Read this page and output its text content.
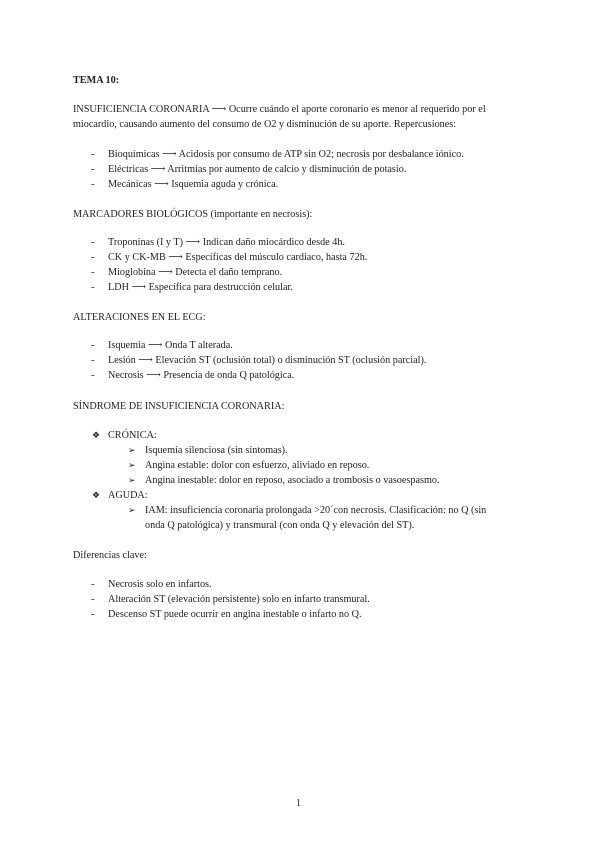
TEMA 10:
INSUFICIENCIA CORONARIA ⟶ Ocurre cuándo el aporte coronario es menor al requerido por el
miocardio, causando aumento del consumo de O2 y disminución de su aporte. Repercusiones:
- Bioquímicas ⟶ Acidosis por consumo de ATP sin O2; necrosis por desbalance iónico.
- Eléctricas ⟶ Arritmias por aumento de calcio y disminución de potasio.
- Mecánicas ⟶ Isquemia aguda y crónica.
MARCADORES BIOLÓGICOS (importante en necrosis):
- Troponinas (I y T) ⟶ Indican daño miocárdico desde 4h.
- CK y CK-MB ⟶ Específicas del músculo cardiaco, hasta 72h.
- Mioglobina ⟶ Detecta el daño temprano.
- LDH ⟶ Específica para destrucción celular.
ALTERACIONES EN EL ECG:
- Isquemia ⟶ Onda T alterada.
- Lesión ⟶ Elevación ST (oclusión total) o disminución ST (oclusión parcial).
- Necrosis ⟶ Presencia de onda Q patológica.
SÍNDROME DE INSUFICIENCIA CORONARIA:
❖ CRÓNICA:
➢ Isquemia silenciosa (sin síntomas).
➢ Angina estable: dolor con esfuerzo, aliviado en reposo.
➢ Angina inestable: dolor en reposo, asociado a trombosis o vasoespasmo.
❖ AGUDA:
➢ IAM: insuficiencia coronaria prolongada >20´con necrosis. Clasificación: no Q (sin
onda Q patológica) y transmural (con onda Q y elevación del ST).
Diferencias clave:
- Necrosis solo en infartos.
- Alteración ST (elevación persistente) solo en infarto transmural.
- Descenso ST puede ocurrir en angina inestable o infarto no Q.
1
